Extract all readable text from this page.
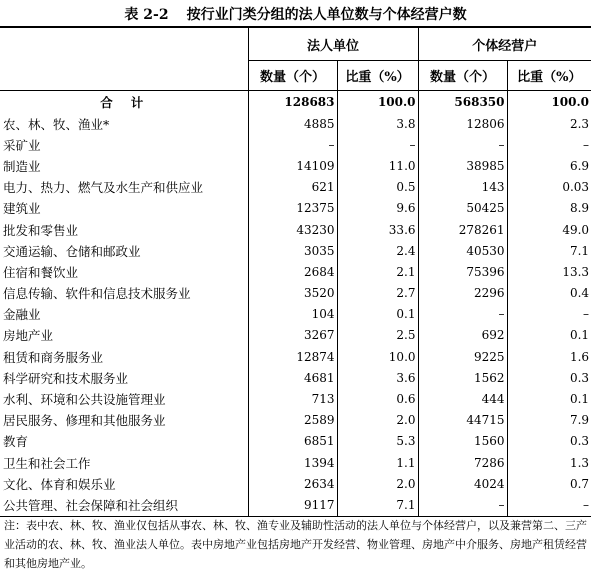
表 2-2 按行业门类分组的法人单位数与个体经营户数
	法人单位		个体经营户	
	数量（个）	比重（%）	数量（个）	比重（%）
合计	128683	100.0	568350	100.0
农、林、牧、渔业*	4885	3.8	12806	2.3
采矿业	–	–	–	–
制造业	14109	11.0	38985	6.9
电力、热力、燃气及水生产和供应业	621	0.5	143	0.03
建筑业	12375	9.6	50425	8.9
批发和零售业	43230	33.6	278261	49.0
交通运输、仓储和邮政业	3035	2.4	40530	7.1
住宿和餐饮业	2684	2.1	75396	13.3
信息传输、软件和信息技术服务业	3520	2.7	2296	0.4
金融业	104	0.1	–	–
房地产业	3267	2.5	692	0.1
租赁和商务服务业	12874	10.0	9225	1.6
科学研究和技术服务业	4681	3.6	1562	0.3
水利、环境和公共设施管理业	713	0.6	444	0.1
居民服务、修理和其他服务业	2589	2.0	44715	7.9
教育	6851	5.3	1560	0.3
卫生和社会工作	1394	1.1	7286	1.3
文化、体育和娱乐业	2634	2.0	4024	0.7
公共管理、社会保障和社会组织	9117	7.1	–	–
注：表中农、林、牧、渔业仅包括从事农、林、牧、渔专业及辅助性活动的法人单位与个体经营户，以及兼营第二、三产业活动的农、林、牧、渔业法人单位。表中房地产业包括房地产开发经营、物业管理、房地产中介服务、房地产租赁经营和其他房地产业。
